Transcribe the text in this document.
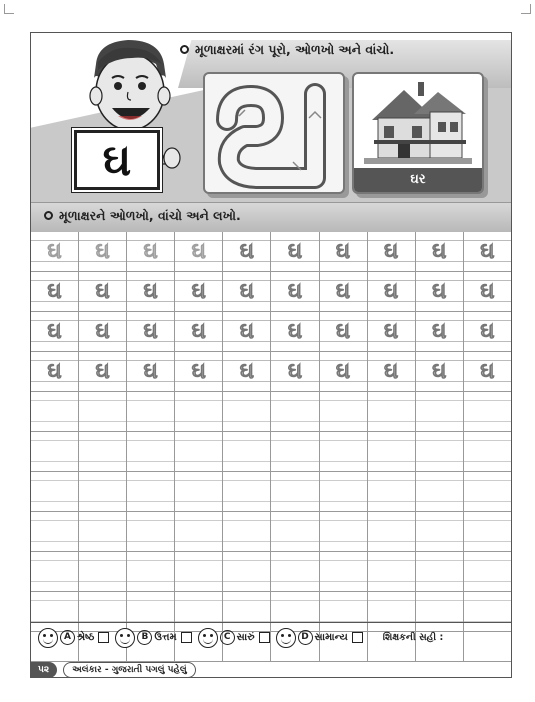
મૂળાક્ષરમાં રંગ પૂરો, ઓળખો અને વાંચો.
ઘ	ઘર
મૂળાક્ષરને ઓળખો, વાંચો અને લખો.
ઘ ઘ ઘ ઘ ઘ ઘ ઘ ઘ ઘ ઘ
ઘ ઘ ઘ ઘ ઘ ઘ ઘ ઘ ઘ ઘ
ઘ ઘ ઘ ઘ ઘ ઘ ઘ ઘ ઘ ઘ
ઘ ઘ ઘ ઘ ઘ ઘ ઘ ઘ ઘ ઘ
A શ્રેષ્ઠ	B ઉત્તમ	C સારું	D સામાન્ય	શિક્ષકની સહી :
૫૨	અલંકાર - ગુજરાતી પગલું પહેલું
